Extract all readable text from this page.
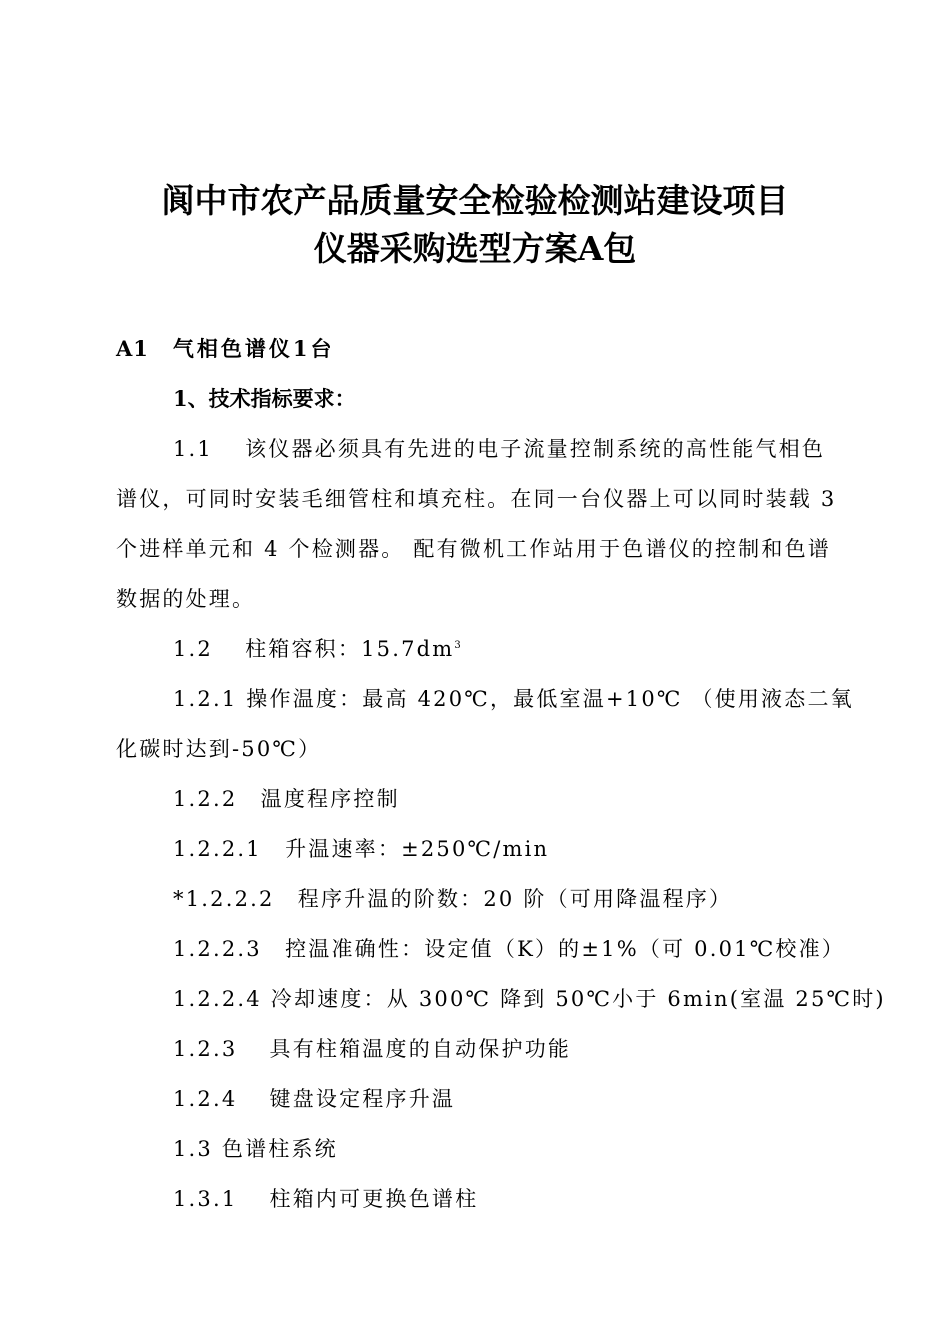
阆中市农产品质量安全检验检测站建设项目
仪器采购选型方案A包
A1 气相色谱仪1台
1、技术指标要求：
1.1　 该仪器必须具有先进的电子流量控制系统的高性能气相色
谱仪，可同时安装毛细管柱和填充柱。在同一台仪器上可以同时装载 3
个进样单元和 4 个检测器。 配有微机工作站用于色谱仪的控制和色谱
数据的处理。
1.2　 柱箱容积：$15.7dm^3$
1.2.1 操作温度：最高 420℃，最低室温+10℃ （使用液态二氧
化碳时达到-50℃）
1.2.2　温度程序控制
1.2.2.1　升温速率：±250℃/min
*1.2.2.2　程序升温的阶数：20 阶（可用降温程序）
1.2.2.3　控温准确性：设定值（K）的±1%（可 0.01℃校准）
1.2.2.4 冷却速度：从 300℃ 降到 50℃小于 6min(室温 25℃时)
1.2.3　 具有柱箱温度的自动保护功能
1.2.4　 键盘设定程序升温
1.3 色谱柱系统
1.3.1　 柱箱内可更换色谱柱
